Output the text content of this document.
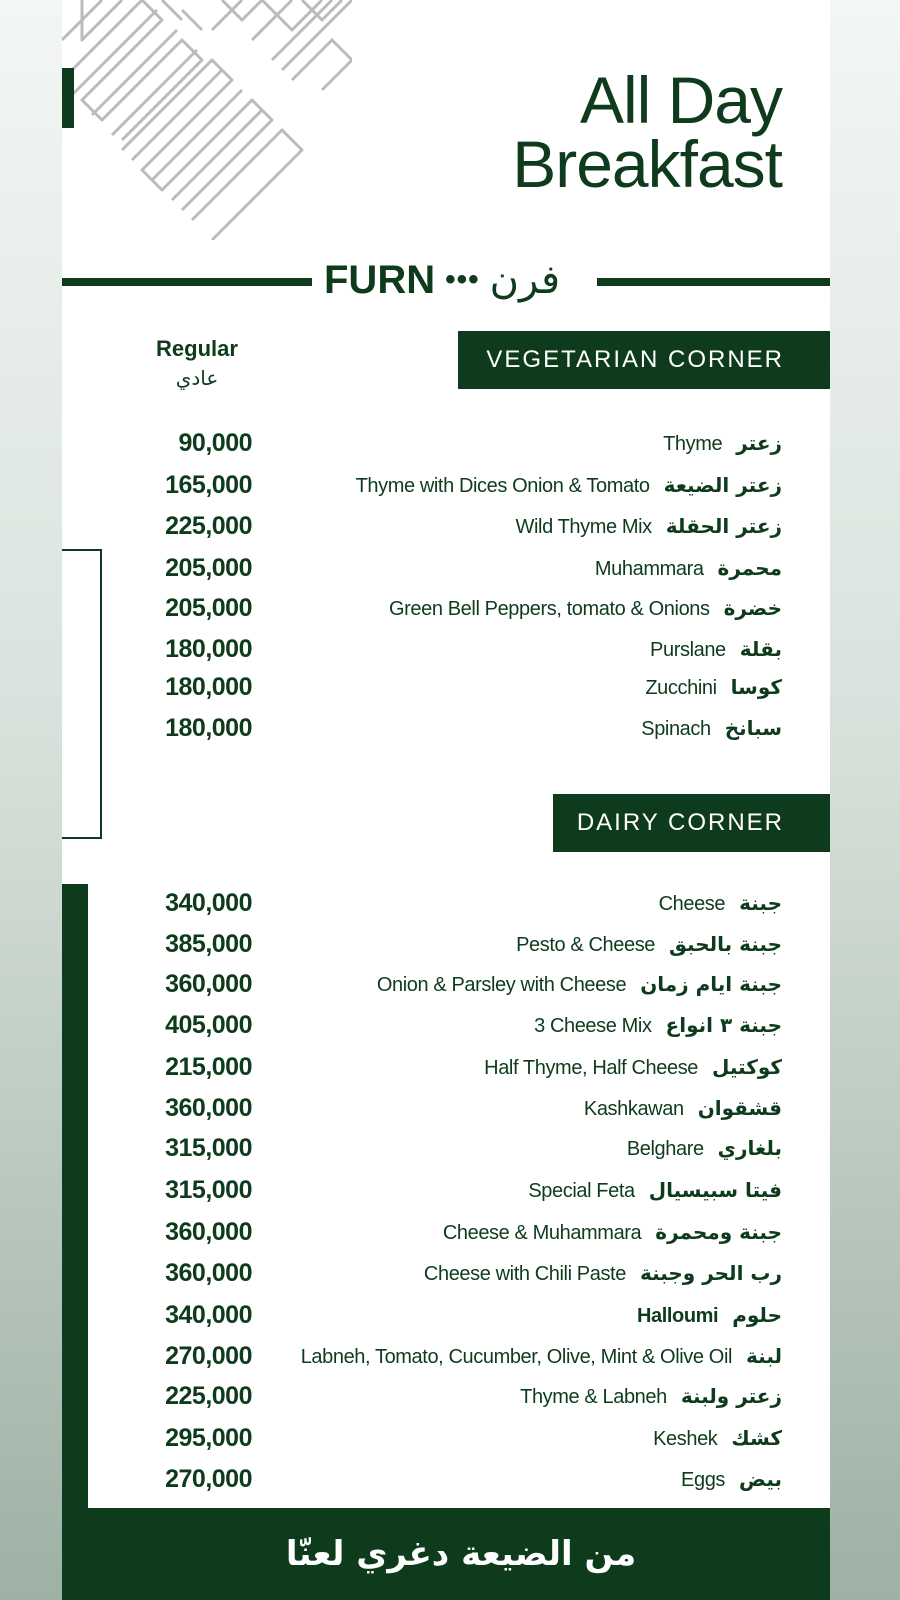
All Day
Breakfast
FURN ••• فرن
Regular
عادي
VEGETARIAN CORNER
DAIRY CORNER
90,000	Thyme زعتر
165,000	Thyme with Dices Onion & Tomato زعتر الضيعة
225,000	Wild Thyme Mix زعتر الحقلة
205,000	Muhammara محمرة
205,000	Green Bell Peppers, tomato & Onions خضرة
180,000	Purslane بقلة
180,000	Zucchini كوسا
180,000	Spinach سبانخ
340,000	Cheese جبنة
385,000	Pesto & Cheese جبنة بالحبق
360,000	Onion & Parsley with Cheese جبنة ايام زمان
405,000	3 Cheese Mix جبنة ٣ انواع
215,000	Half Thyme, Half Cheese كوكتيل
360,000	Kashkawan قشقوان
315,000	Belghare بلغاري
315,000	Special Feta فيتا سبيسيال
360,000	Cheese & Muhammara جبنة ومحمرة
360,000	Cheese with Chili Paste رب الحر وجبنة
340,000	Halloumi حلوم
270,000 Labneh, Tomato, Cucumber, Olive, Mint & Olive Oil لبنة
225,000	Thyme & Labneh زعتر ولبنة
295,000	Keshek كشك
270,000	Eggs بيض
من الضيعة دغري لعنّا
